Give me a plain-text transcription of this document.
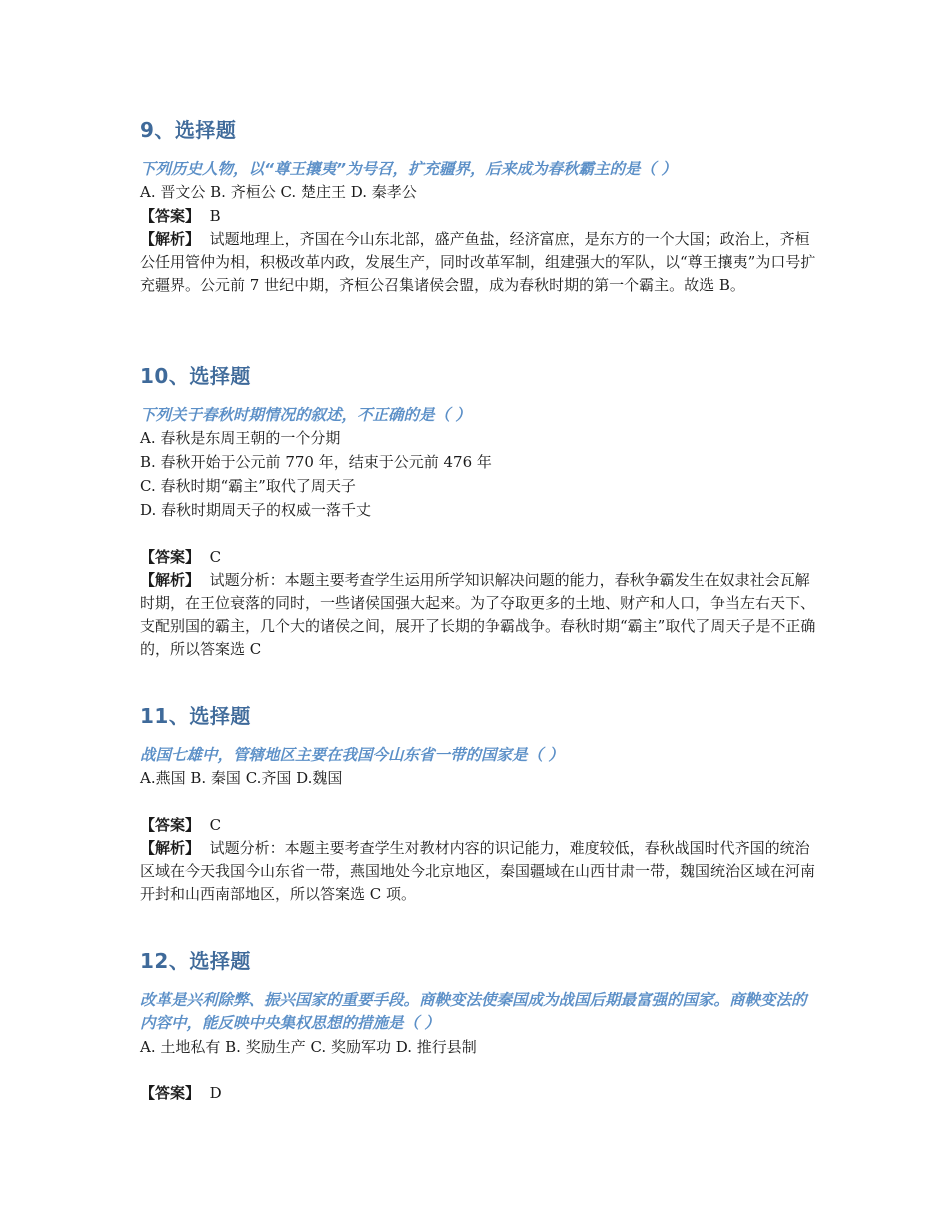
9、选择题
下列历史人物，以“尊王攘夷”为号召，扩充疆界，后来成为春秋霸主的是（ ）
A. 晋文公 B. 齐桓公 C. 楚庄王 D. 秦孝公
【答案】 B
【解析】 试题地理上，齐国在今山东北部，盛产鱼盐，经济富庶，是东方的一个大国；政治上，齐桓公任用管仲为相，积极改革内政，发展生产，同时改革军制，组建强大的军队，以“尊王攘夷”为口号扩充疆界。公元前 7 世纪中期，齐桓公召集诸侯会盟，成为春秋时期的第一个霸主。故选 B。
10、选择题
下列关于春秋时期情况的叙述，不正确的是（ ）
A. 春秋是东周王朝的一个分期
B. 春秋开始于公元前 770 年，结束于公元前 476 年
C. 春秋时期“霸主”取代了周天子
D. 春秋时期周天子的权威一落千丈
【答案】 C
【解析】 试题分析：本题主要考查学生运用所学知识解决问题的能力，春秋争霸发生在奴隶社会瓦解时期，在王位衰落的同时，一些诸侯国强大起来。为了夺取更多的土地、财产和人口，争当左右天下、支配别国的霸主，几个大的诸侯之间，展开了长期的争霸战争。春秋时期“霸主”取代了周天子是不正确的，所以答案选 C
11、选择题
战国七雄中，管辖地区主要在我国今山东省一带的国家是（ ）
A.燕国 B. 秦国 C.齐国 D.魏国
【答案】 C
【解析】 试题分析：本题主要考查学生对教材内容的识记能力，难度较低，春秋战国时代齐国的统治区域在今天我国今山东省一带，燕国地处今北京地区，秦国疆域在山西甘肃一带，魏国统治区域在河南开封和山西南部地区，所以答案选 C 项。
12、选择题
改革是兴利除弊、振兴国家的重要手段。商鞅变法使秦国成为战国后期最富强的国家。商鞅变法的内容中，能反映中央集权思想的措施是（ ）
A. 土地私有 B. 奖励生产 C. 奖励军功 D. 推行县制
【答案】 D
